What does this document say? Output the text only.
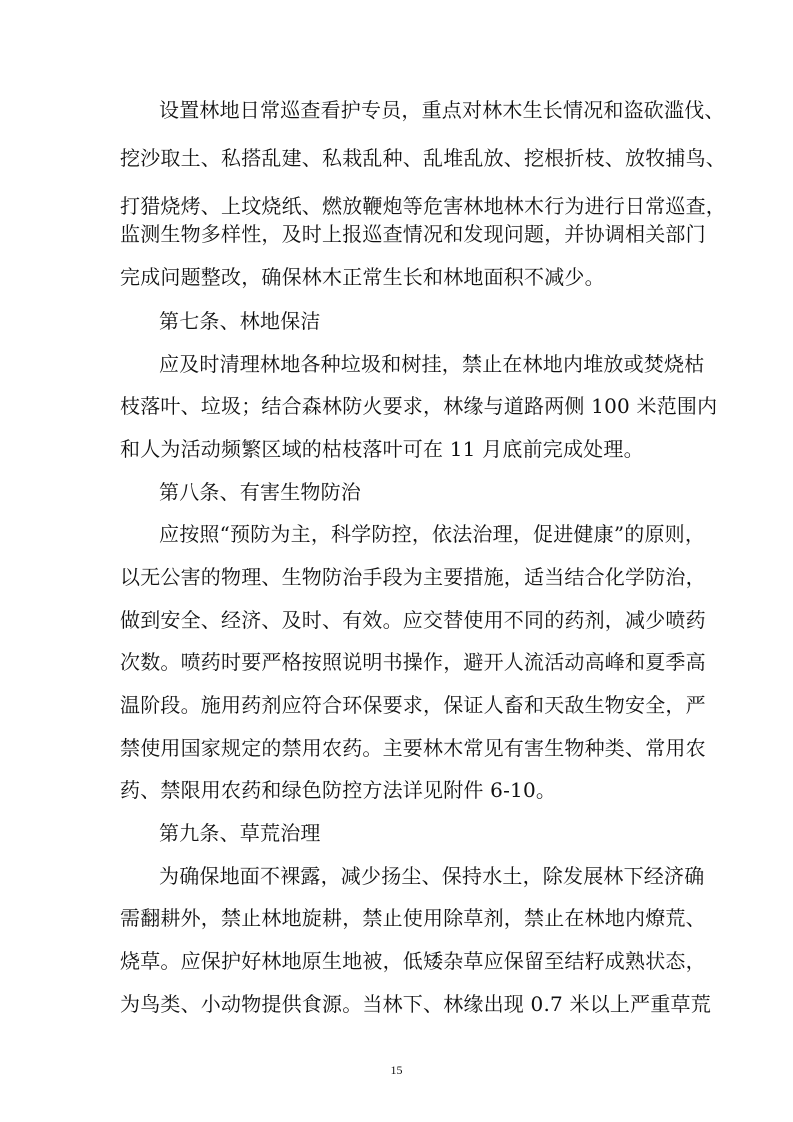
设置林地日常巡查看护专员，重点对林木生长情况和盗砍滥伐、
挖沙取土、私搭乱建、私栽乱种、乱堆乱放、挖根折枝、放牧捕鸟、
打猎烧烤、上坟烧纸、燃放鞭炮等危害林地林木行为进行日常巡查，
监测生物多样性，及时上报巡查情况和发现问题，并协调相关部门
完成问题整改，确保林木正常生长和林地面积不减少。
第七条、林地保洁
应及时清理林地各种垃圾和树挂，禁止在林地内堆放或焚烧枯
枝落叶、垃圾；结合森林防火要求，林缘与道路两侧 100 米范围内
和人为活动频繁区域的枯枝落叶可在 11 月底前完成处理。
第八条、有害生物防治
应按照“预防为主，科学防控，依法治理，促进健康”的原则，
以无公害的物理、生物防治手段为主要措施，适当结合化学防治，
做到安全、经济、及时、有效。应交替使用不同的药剂，减少喷药
次数。喷药时要严格按照说明书操作，避开人流活动高峰和夏季高
温阶段。施用药剂应符合环保要求，保证人畜和天敌生物安全，严
禁使用国家规定的禁用农药。主要林木常见有害生物种类、常用农
药、禁限用农药和绿色防控方法详见附件 6-10。
第九条、草荒治理
为确保地面不裸露，减少扬尘、保持水土，除发展林下经济确
需翻耕外，禁止林地旋耕，禁止使用除草剂，禁止在林地内燎荒、
烧草。应保护好林地原生地被，低矮杂草应保留至结籽成熟状态，
为鸟类、小动物提供食源。当林下、林缘出现 0.7 米以上严重草荒
15
